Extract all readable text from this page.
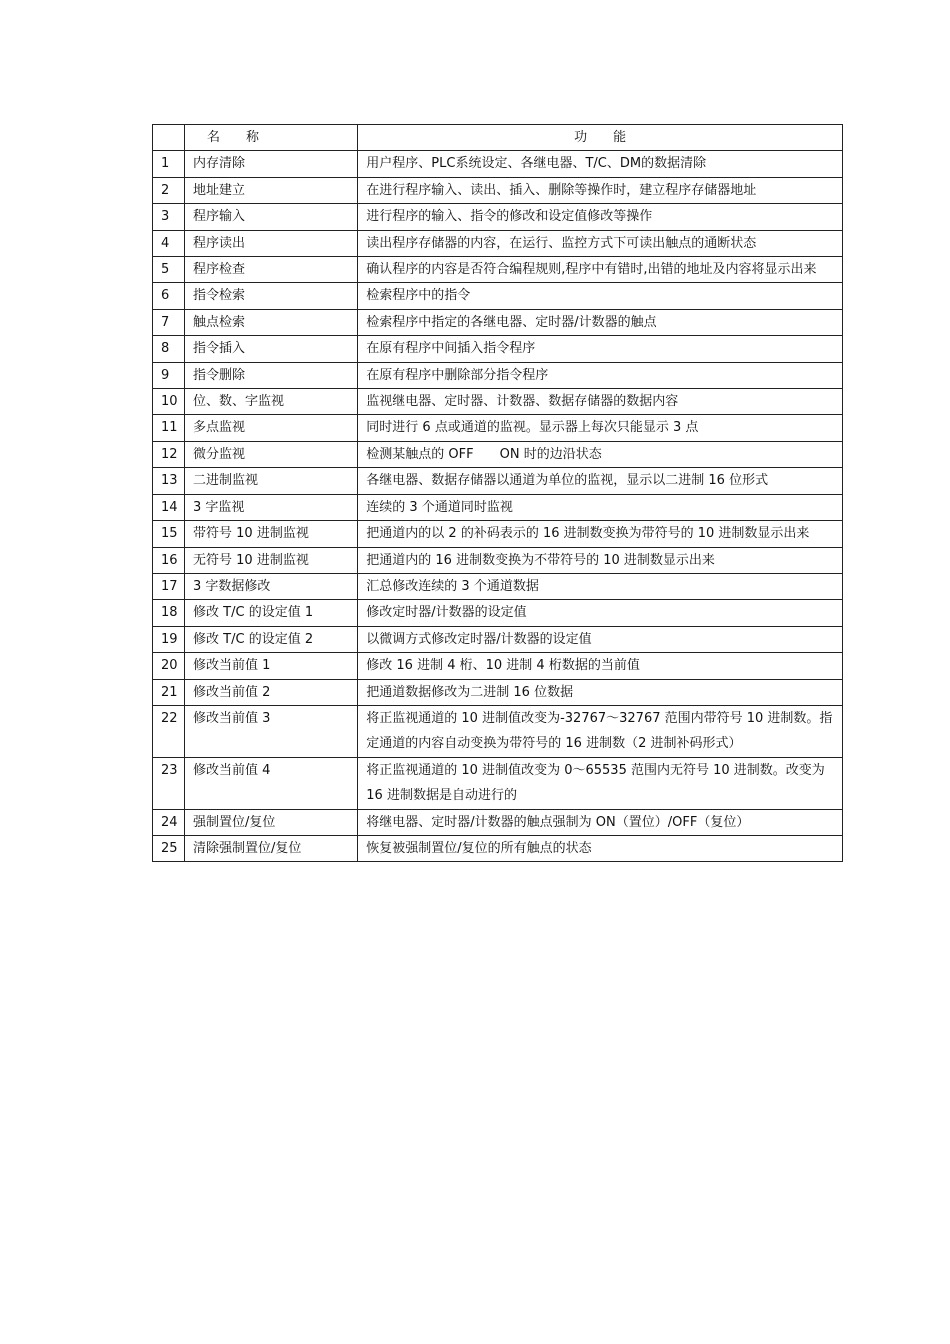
	名　　称	功　　能
1	内存清除	用户程序、PLC系统设定、各继电器、T/C、DM的数据清除
2	地址建立	在进行程序输入、读出、插入、删除等操作时，建立程序存储器地址
3	程序输入	进行程序的输入、指令的修改和设定值修改等操作
4	程序读出	读出程序存储器的内容，在运行、监控方式下可读出触点的通断状态
5	程序检查	确认程序的内容是否符合编程规则,程序中有错时,出错的地址及内容将显示出来
6	指令检索	检索程序中的指令
7	触点检索	检索程序中指定的各继电器、定时器/计数器的触点
8	指令插入	在原有程序中间插入指令程序
9	指令删除	在原有程序中删除部分指令程序
10	位、数、字监视	监视继电器、定时器、计数器、数据存储器的数据内容
11	多点监视	同时进行 6 点或通道的监视。显示器上每次只能显示 3 点
12	微分监视	检测某触点的 OFF　　ON 时的边沿状态
13	二进制监视	各继电器、数据存储器以通道为单位的监视，显示以二进制 16 位形式
14	3 字监视	连续的 3 个通道同时监视
15	带符号 10 进制监视	把通道内的以 2 的补码表示的 16 进制数变换为带符号的 10 进制数显示出来
16	无符号 10 进制监视	把通道内的 16 进制数变换为不带符号的 10 进制数显示出来
17	3 字数据修改	汇总修改连续的 3 个通道数据
18	修改 T/C 的设定值 1	修改定时器/计数器的设定值
19	修改 T/C 的设定值 2	以微调方式修改定时器/计数器的设定值
20	修改当前值 1	修改 16 进制 4 桁、10 进制 4 桁数据的当前值
21	修改当前值 2	把通道数据修改为二进制 16 位数据
22	修改当前值 3	将正监视通道的 10 进制值改变为-32767～32767 范围内带符号 10 进制数。指定通道的内容自动变换为带符号的 16 进制数（2 进制补码形式）
23	修改当前值 4	将正监视通道的 10 进制值改变为 0～65535 范围内无符号 10 进制数。改变为 16 进制数据是自动进行的
24	强制置位/复位	将继电器、定时器/计数器的触点强制为 ON（置位）/OFF（复位）
25	清除强制置位/复位	恢复被强制置位/复位的所有触点的状态
